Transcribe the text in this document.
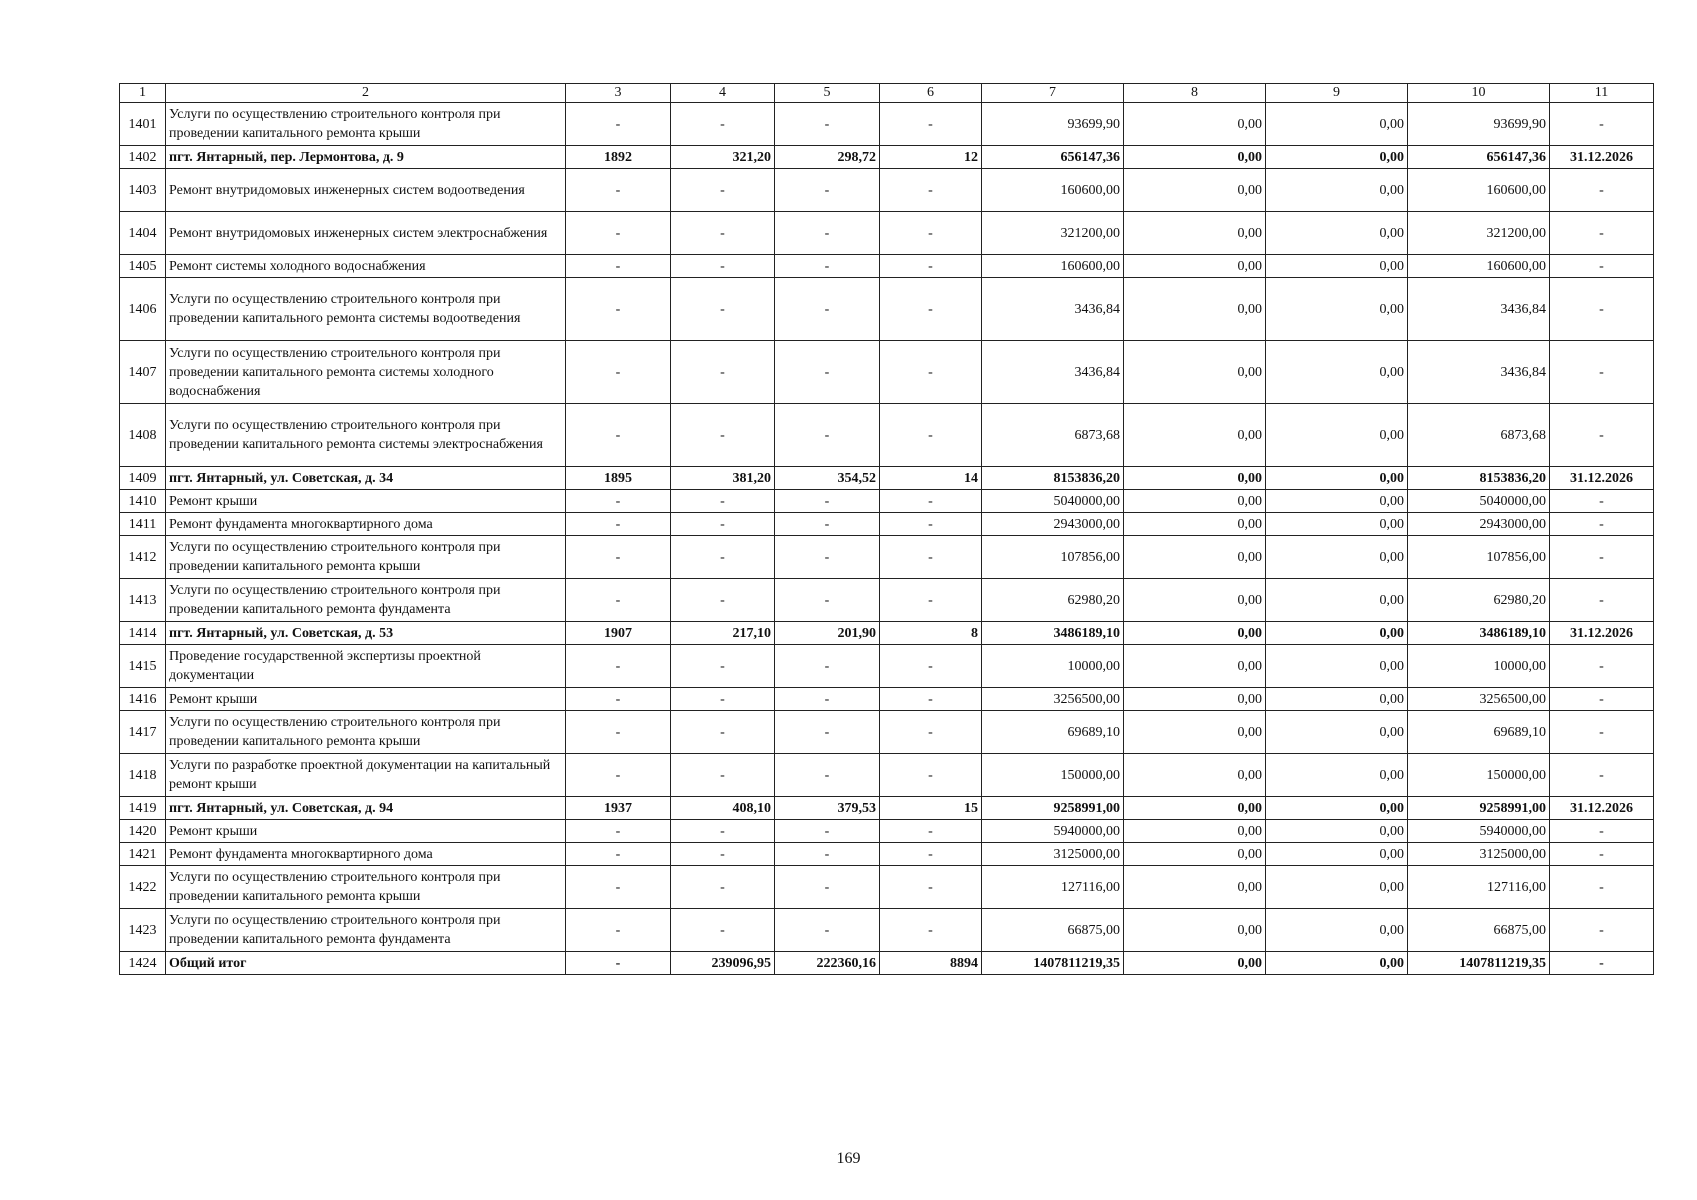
1	2	3	4	5	6	7	8	9	10	11
1401	Услуги по осуществлению строительного контроля при проведении капитального ремонта крыши	-	-	-	-	93699,90	0,00	0,00	93699,90	-
1402	пгт. Янтарный, пер. Лермонтова, д. 9	1892	321,20	298,72	12	656147,36	0,00	0,00	656147,36	31.12.2026
1403	Ремонт внутридомовых инженерных систем водоотведения	-	-	-	-	160600,00	0,00	0,00	160600,00	-
1404	Ремонт внутридомовых инженерных систем электроснабжения	-	-	-	-	321200,00	0,00	0,00	321200,00	-
1405	Ремонт системы холодного водоснабжения	-	-	-	-	160600,00	0,00	0,00	160600,00	-
1406	Услуги по осуществлению строительного контроля при проведении капитального ремонта системы водоотведения	-	-	-	-	3436,84	0,00	0,00	3436,84	-
1407	Услуги по осуществлению строительного контроля при проведении капитального ремонта системы холодного водоснабжения	-	-	-	-	3436,84	0,00	0,00	3436,84	-
1408	Услуги по осуществлению строительного контроля при проведении капитального ремонта системы электроснабжения	-	-	-	-	6873,68	0,00	0,00	6873,68	-
1409	пгт. Янтарный, ул. Советская, д. 34	1895	381,20	354,52	14	8153836,20	0,00	0,00	8153836,20	31.12.2026
1410	Ремонт крыши	-	-	-	-	5040000,00	0,00	0,00	5040000,00	-
1411	Ремонт фундамента многоквартирного дома	-	-	-	-	2943000,00	0,00	0,00	2943000,00	-
1412	Услуги по осуществлению строительного контроля при проведении капитального ремонта крыши	-	-	-	-	107856,00	0,00	0,00	107856,00	-
1413	Услуги по осуществлению строительного контроля при проведении капитального ремонта фундамента	-	-	-	-	62980,20	0,00	0,00	62980,20	-
1414	пгт. Янтарный, ул. Советская, д. 53	1907	217,10	201,90	8	3486189,10	0,00	0,00	3486189,10	31.12.2026
1415	Проведение государственной экспертизы проектной документации	-	-	-	-	10000,00	0,00	0,00	10000,00	-
1416	Ремонт крыши	-	-	-	-	3256500,00	0,00	0,00	3256500,00	-
1417	Услуги по осуществлению строительного контроля при проведении капитального ремонта крыши	-	-	-	-	69689,10	0,00	0,00	69689,10	-
1418	Услуги по разработке проектной документации на капитальный ремонт крыши	-	-	-	-	150000,00	0,00	0,00	150000,00	-
1419	пгт. Янтарный, ул. Советская, д. 94	1937	408,10	379,53	15	9258991,00	0,00	0,00	9258991,00	31.12.2026
1420	Ремонт крыши	-	-	-	-	5940000,00	0,00	0,00	5940000,00	-
1421	Ремонт фундамента многоквартирного дома	-	-	-	-	3125000,00	0,00	0,00	3125000,00	-
1422	Услуги по осуществлению строительного контроля при проведении капитального ремонта крыши	-	-	-	-	127116,00	0,00	0,00	127116,00	-
1423	Услуги по осуществлению строительного контроля при проведении капитального ремонта фундамента	-	-	-	-	66875,00	0,00	0,00	66875,00	-
1424	Общий итог	-	239096,95	222360,16	8894	1407811219,35	0,00	0,00	1407811219,35	-
169
